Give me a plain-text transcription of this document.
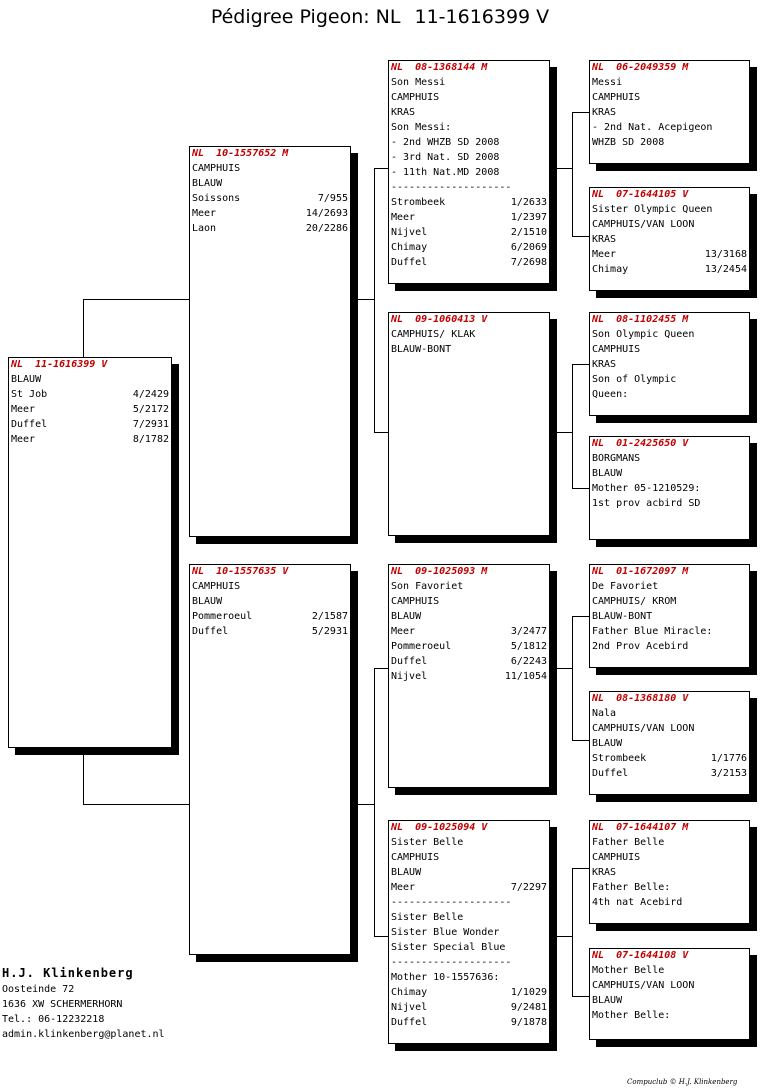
Pédigree Pigeon: NL 11-1616399 V
NL  11-1616399 V
BLAUW
St Job	4/2429
Meer	5/2172
Duffel	7/2931
Meer	8/1782
NL  10-1557652 M
CAMPHUIS
BLAUW
Soissons	7/955
Meer	14/2693
Laon	20/2286
NL  10-1557635 V
CAMPHUIS
BLAUW
Pommeroeul	2/1587
Duffel	5/2931
NL  08-1368144 M
Son Messi
CAMPHUIS
KRAS
Son Messi:
- 2nd WHZB SD 2008
- 3rd Nat. SD 2008
- 11th Nat.MD 2008
--------------------
Strombeek	1/2633
Meer	1/2397
Nijvel	2/1510
Chimay	6/2069
Duffel	7/2698
NL  09-1060413 V
CAMPHUIS/ KLAK
BLAUW-BONT
NL  09-1025093 M
Son Favoriet
CAMPHUIS
BLAUW
Meer	3/2477
Pommeroeul	5/1812
Duffel	6/2243
Nijvel	11/1054
NL  09-1025094 V
Sister Belle
CAMPHUIS
BLAUW
Meer	7/2297
--------------------
Sister Belle
Sister Blue Wonder
Sister Special Blue
--------------------
Mother 10-1557636:
Chimay	1/1029
Nijvel	9/2481
Duffel	9/1878
NL  06-2049359 M
Messi
CAMPHUIS
KRAS
- 2nd Nat. Acepigeon
WHZB SD 2008
NL  07-1644105 V
Sister Olympic Queen
CAMPHUIS/VAN LOON
KRAS
Meer	13/3168
Chimay	13/2454
NL  08-1102455 M
Son Olympic Queen
CAMPHUIS
KRAS
Son of Olympic
Queen:
NL  01-2425650 V
BORGMANS
BLAUW
Mother 05-1210529:
1st prov acbird SD
NL  01-1672097 M
De Favoriet
CAMPHUIS/ KROM
BLAUW-BONT
Father Blue Miracle:
2nd Prov Acebird
NL  08-1368180 V
Nala
CAMPHUIS/VAN LOON
BLAUW
Strombeek	1/1776
Duffel	3/2153
NL  07-1644107 M
Father Belle
CAMPHUIS
KRAS
Father Belle:
4th nat Acebird
NL  07-1644108 V
Mother Belle
CAMPHUIS/VAN LOON
BLAUW
Mother Belle:
H.J. Klinkenberg
Oosteinde 72
1636 XW SCHERMERHORN
Tel.: 06-12232218
admin.klinkenberg@planet.nl
Compuclub © H.J. Klinkenberg
